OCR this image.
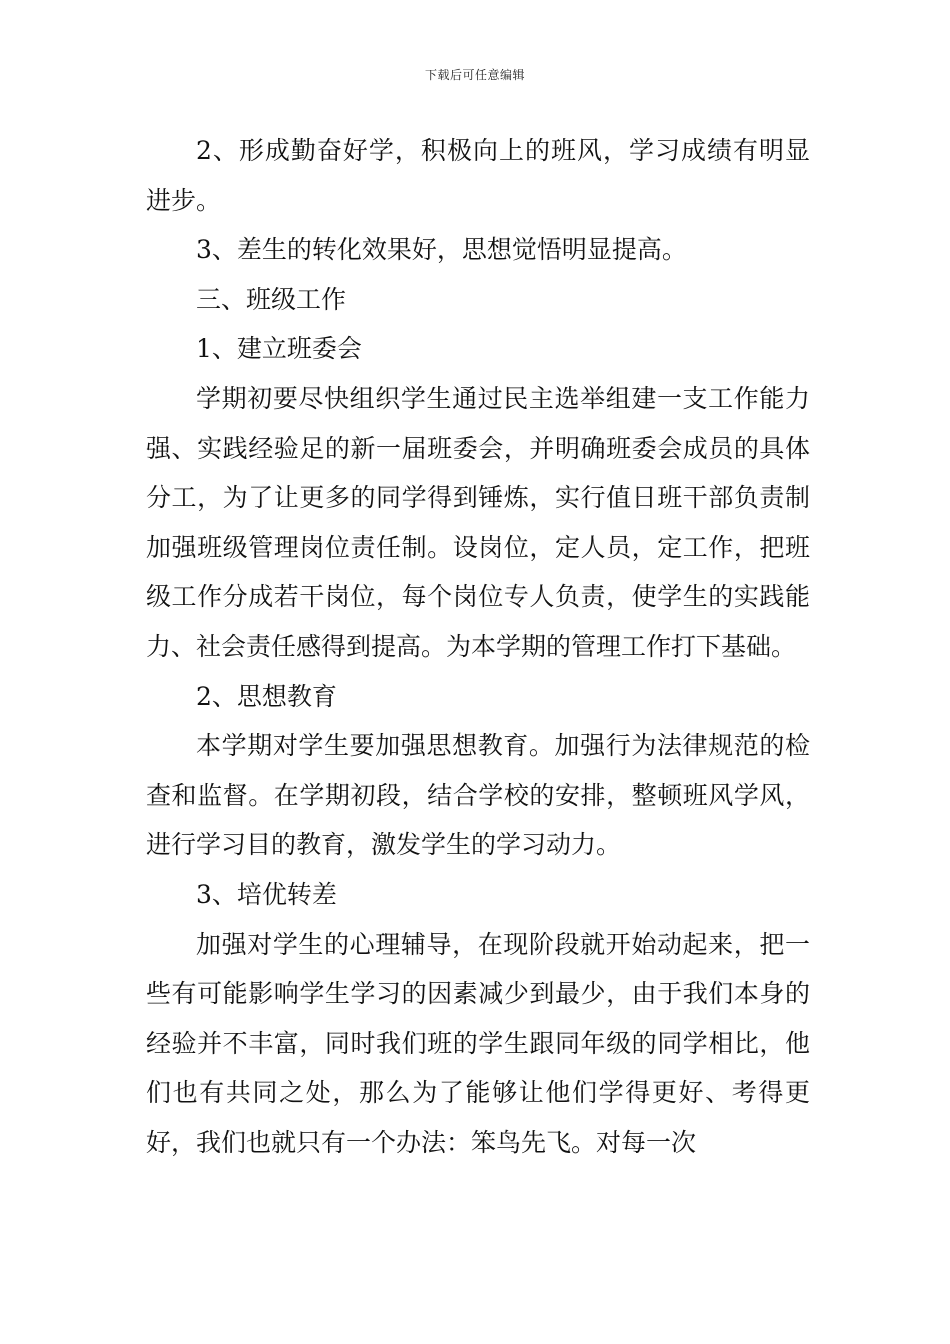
下载后可任意编辑

2、形成勤奋好学，积极向上的班风，学习成绩有明显进步。

3、差生的转化效果好，思想觉悟明显提高。

三、班级工作

1、建立班委会

学期初要尽快组织学生通过民主选举组建一支工作能力强、实践经验足的新一届班委会，并明确班委会成员的具体分工，为了让更多的同学得到锤炼，实行值日班干部负责制加强班级管理岗位责任制。设岗位，定人员，定工作，把班级工作分成若干岗位，每个岗位专人负责，使学生的实践能力、社会责任感得到提高。为本学期的管理工作打下基础。

2、思想教育

本学期对学生要加强思想教育。加强行为法律规范的检查和监督。在学期初段，结合学校的安排，整顿班风学风，进行学习目的教育，激发学生的学习动力。

3、培优转差

加强对学生的心理辅导，在现阶段就开始动起来，把一些有可能影响学生学习的因素减少到最少，由于我们本身的经验并不丰富，同时我们班的学生跟同年级的同学相比，他们也有共同之处，那么为了能够让他们学得更好、考得更好，我们也就只有一个办法：笨鸟先飞。对每一次
